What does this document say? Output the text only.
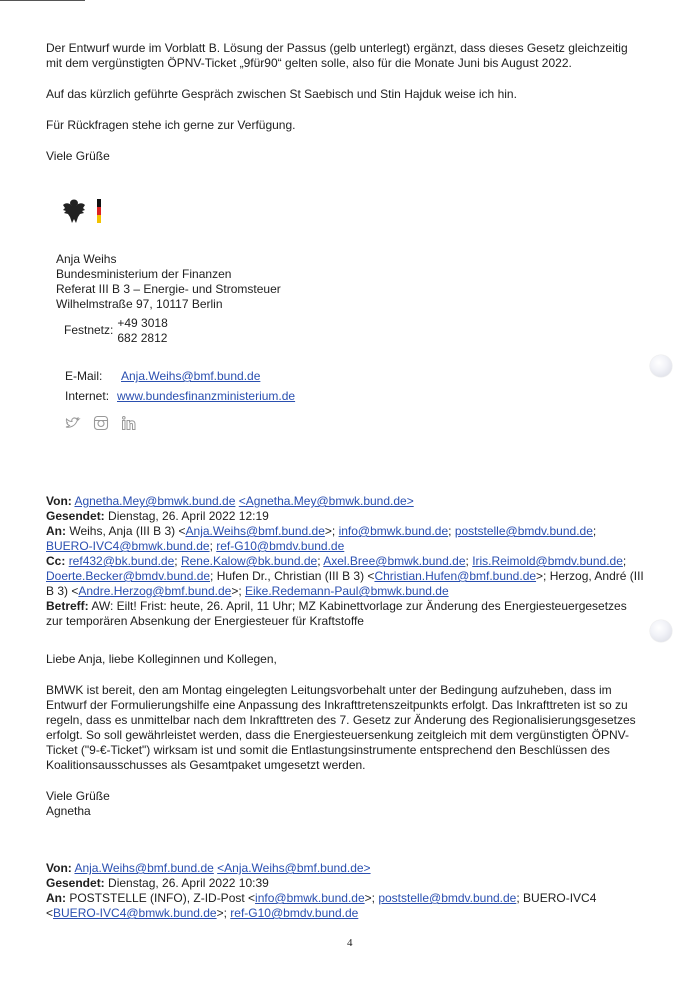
Der Entwurf wurde im Vorblatt B. Lösung der Passus (gelb unterlegt) ergänzt, dass dieses Gesetz gleichzeitig mit dem vergünstigten ÖPNV-Ticket „9für90“ gelten solle, also für die Monate Juni bis August 2022.

Auf das kürzlich geführte Gespräch zwischen St Saebisch und Stin Hajduk weise ich hin.

Für Rückfragen stehe ich gerne zur Verfügung.

Viele Grüße

Anja Weihs

Bundesministerium der Finanzen

Referat III B 3 – Energie- und Stromsteuer

Wilhelmstraße 97, 10117 Berlin

Festnetz: +49 3018
682 2812
E-Mail:	Anja.Weihs@bmf.bund.de
Internet: www.bundesfinanzministerium.de

Von: Agnetha.Mey@bmwk.bund.de <Agnetha.Mey@bmwk.bund.de>

Gesendet: Dienstag, 26. April 2022 12:19

An: Weihs, Anja (III B 3) <Anja.Weihs@bmf.bund.de>; info@bmwk.bund.de; poststelle@bmdv.bund.de; BUERO-IVC4@bmwk.bund.de; ref-G10@bmdv.bund.de

Cc: ref432@bk.bund.de; Rene.Kalow@bk.bund.de; Axel.Bree@bmwk.bund.de; Iris.Reimold@bmdv.bund.de; Doerte.Becker@bmdv.bund.de; Hufen Dr., Christian (III B 3) <Christian.Hufen@bmf.bund.de>; Herzog, André (III B 3) <Andre.Herzog@bmf.bund.de>; Eike.Redemann-Paul@bmwk.bund.de

Betreff: AW: Eilt! Frist: heute, 26. April, 11 Uhr; MZ Kabinettvorlage zur Änderung des Energiesteuergesetzes zur temporären Absenkung der Energiesteuer für Kraftstoffe

Liebe Anja, liebe Kolleginnen und Kollegen,

BMWK ist bereit, den am Montag eingelegten Leitungsvorbehalt unter der Bedingung aufzuheben, dass im Entwurf der Formulierungshilfe eine Anpassung des Inkrafttretenszeitpunkts erfolgt. Das Inkrafttreten ist so zu regeln, dass es unmittelbar nach dem Inkrafttreten des 7. Gesetz zur Änderung des Regionalisierungsgesetzes erfolgt. So soll gewährleistet werden, dass die Energiesteuersenkung zeitgleich mit dem vergünstigten ÖPNV-Ticket ("9-€-Ticket") wirksam ist und somit die Entlastungsinstrumente entsprechend den Beschlüssen des Koalitionsausschusses als Gesamtpaket umgesetzt werden.

Viele Grüße

Agnetha

Von: Anja.Weihs@bmf.bund.de <Anja.Weihs@bmf.bund.de>

Gesendet: Dienstag, 26. April 2022 10:39

An: POSTSTELLE (INFO), Z-ID-Post <info@bmwk.bund.de>; poststelle@bmdv.bund.de; BUERO-IVC4 <BUERO-IVC4@bmwk.bund.de>; ref-G10@bmdv.bund.de

4
